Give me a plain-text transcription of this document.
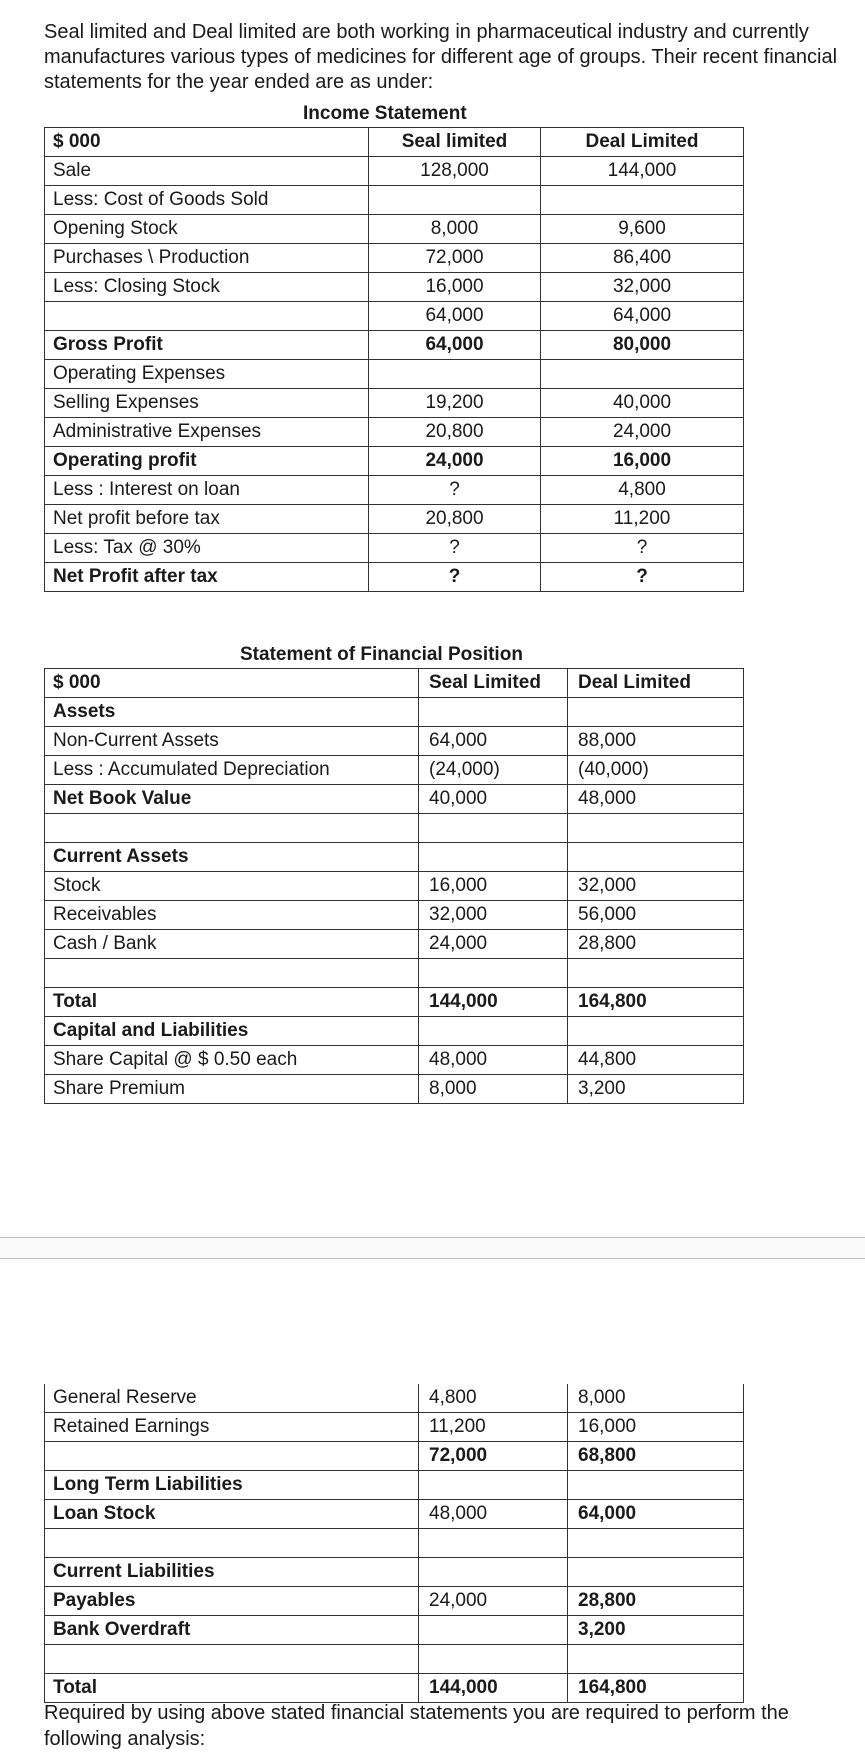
Seal limited and Deal limited are both working in pharmaceutical industry and currently manufactures various types of medicines for different age of groups. Their recent financial statements for the year ended are as under:
Income Statement
$ 000	Seal limited	Deal Limited
Sale	128,000	144,000
Less: Cost of Goods Sold		
Opening Stock	8,000	9,600
Purchases \ Production	72,000	86,400
Less: Closing Stock	16,000	32,000
	64,000	64,000
Gross Profit	64,000	80,000
Operating Expenses		
Selling Expenses	19,200	40,000
Administrative Expenses	20,800	24,000
Operating profit	24,000	16,000
Less : Interest on loan	?	4,800
Net profit before tax	20,800	11,200
Less: Tax @ 30%	?	?
Net Profit after tax	?	?
Statement of Financial Position
$ 000	Seal Limited	Deal Limited
Assets		
Non-Current Assets	64,000	88,000
Less : Accumulated Depreciation	(24,000)	(40,000)
Net Book Value	40,000	48,000

Current Assets		
Stock	16,000	32,000
Receivables	32,000	56,000
Cash / Bank	24,000	28,800

Total	144,000	164,800
Capital and Liabilities		
Share Capital @ $ 0.50 each	48,000	44,800
Share Premium	8,000	3,200
General Reserve	4,800	8,000
Retained Earnings	11,200	16,000
	72,000	68,800
Long Term Liabilities		
Loan Stock	48,000	64,000

Current Liabilities		
Payables	24,000	28,800
Bank Overdraft		3,200

Total	144,000	164,800
Required by using above stated financial statements you are required to perform the following analysis:
